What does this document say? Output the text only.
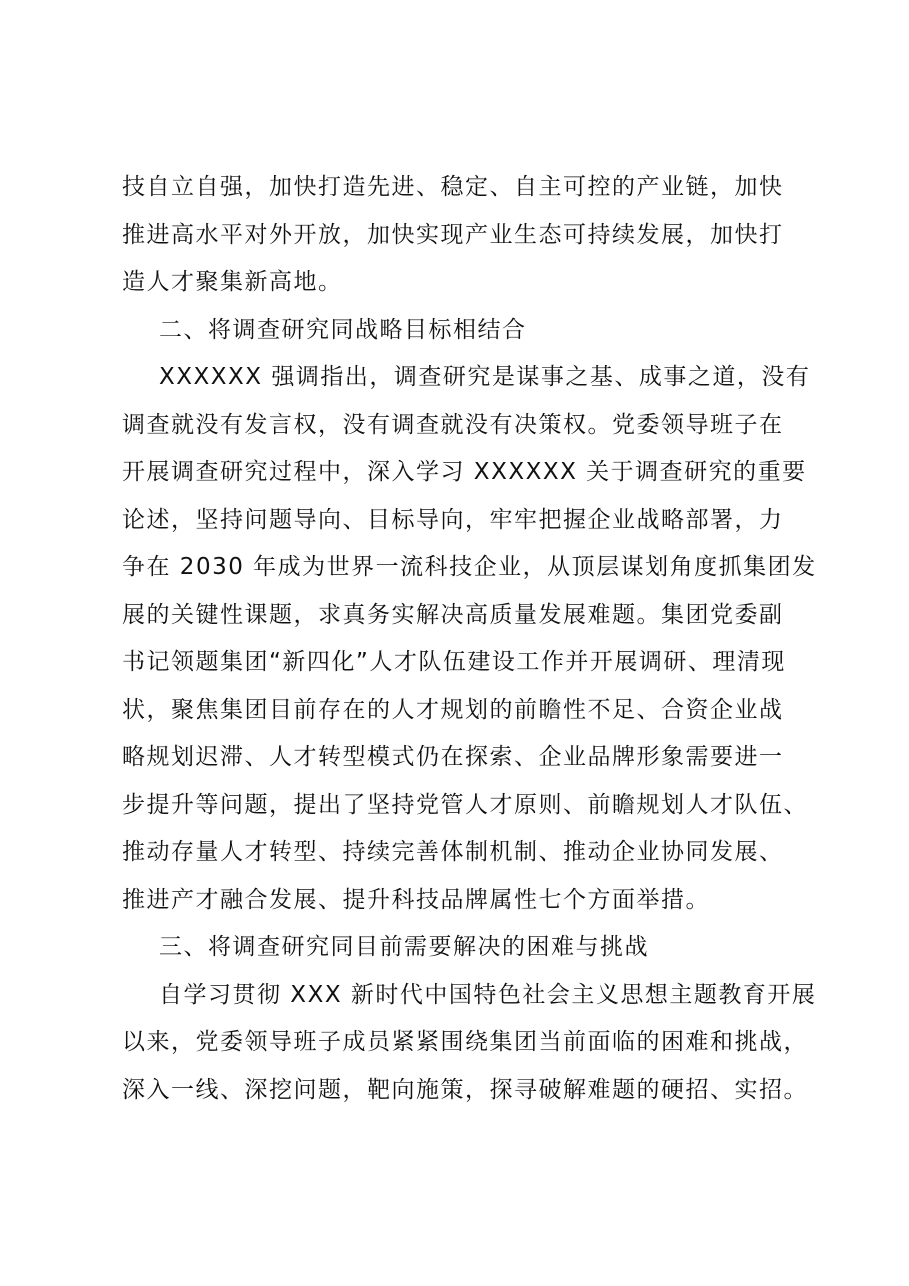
技自立自强，加快打造先进、稳定、自主可控的产业链，加快
推进高水平对外开放，加快实现产业生态可持续发展，加快打
造人才聚集新高地。
二、将调查研究同战略目标相结合
XXXXXX 强调指出，调查研究是谋事之基、成事之道，没有
调查就没有发言权，没有调查就没有决策权。党委领导班子在
开展调查研究过程中，深入学习 XXXXXX 关于调查研究的重要
论述，坚持问题导向、目标导向，牢牢把握企业战略部署，力
争在 2030 年成为世界一流科技企业，从顶层谋划角度抓集团发
展的关键性课题，求真务实解决高质量发展难题。集团党委副
书记领题集团“新四化”人才队伍建设工作并开展调研、理清现
状，聚焦集团目前存在的人才规划的前瞻性不足、合资企业战
略规划迟滞、人才转型模式仍在探索、企业品牌形象需要进一
步提升等问题，提出了坚持党管人才原则、前瞻规划人才队伍、
推动存量人才转型、持续完善体制机制、推动企业协同发展、
推进产才融合发展、提升科技品牌属性七个方面举措。
三、将调查研究同目前需要解决的困难与挑战
自学习贯彻 XXX 新时代中国特色社会主义思想主题教育开展
以来，党委领导班子成员紧紧围绕集团当前面临的困难和挑战，
深入一线、深挖问题，靶向施策，探寻破解难题的硬招、实招。
